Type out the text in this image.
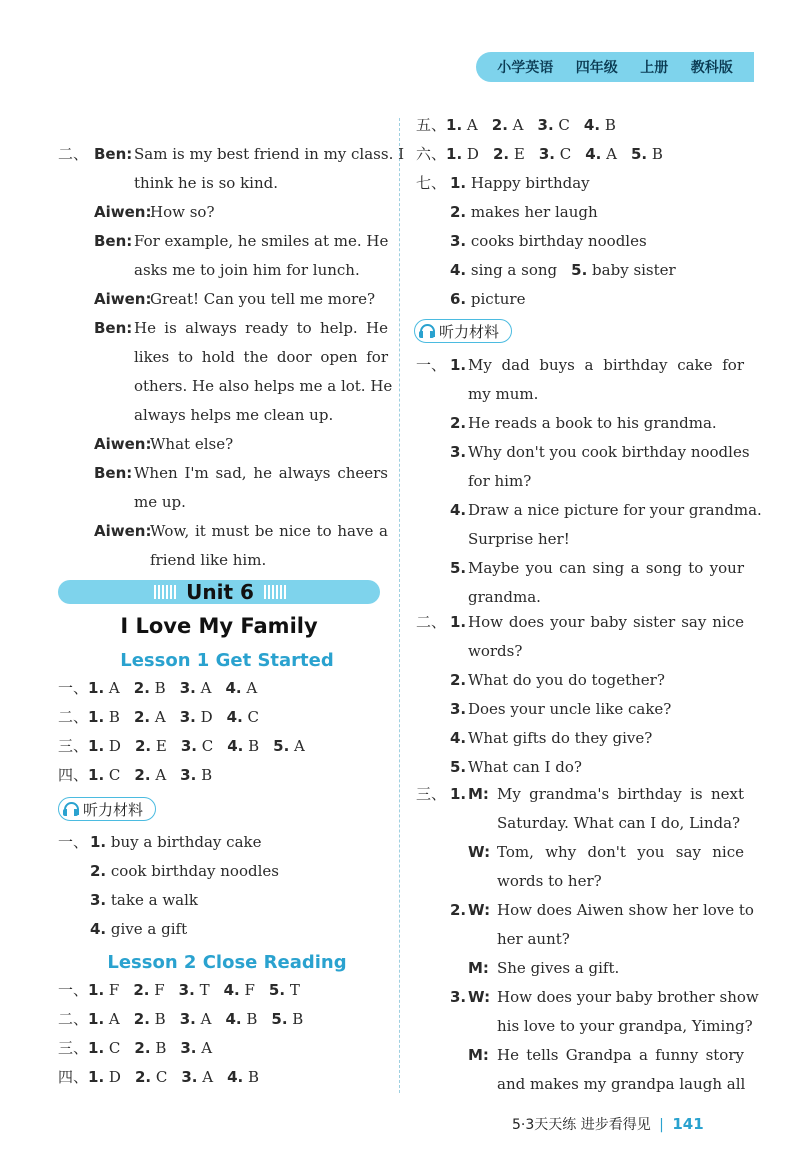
小学英语 四年级 上册 教科版
二、 Ben: Sam is my best friend in my class. I
think he is so kind.
Aiwen:
How so?
Ben: For example, he smiles at me. He
asks me to join him for lunch.
Aiwen:
Great! Can you tell me more?
Ben: He is always ready to help. He
likes to hold the door open for
others. He also helps me a lot. He
always helps me clean up.
Aiwen:
What else?
Ben: When I'm sad, he always cheers
me up.
Aiwen:
Wow, it must be nice to have a
friend like him.
一、1. A 2. B 3. A 4. A
二、1. B 2. A 3. D 4. C
三、1. D 2. E 3. C 4. B 5. A
四、1. C 2. A 3. B
一、 1. buy a birthday cake
2. cook birthday noodles
3. take a walk
4. give a gift
一、1. F 2. F 3. T 4. F 5. T
二、1. A 2. B 3. A 4. B 5. B
三、1. C 2. B 3. A
四、1. D 2. C 3. A 4. B
五、1. A 2. A 3. C 4. B
六、1. D 2. E 3. C 4. A 5. B
七、 1. Happy birthday
2. makes her laugh
3. cooks birthday noodles
4. sing a song 5. baby sister
6. picture
一、 1. My dad buys a birthday cake for
my mum.
2. He reads a book to his grandma.
3. Why don't you cook birthday noodles
for him?
4. Draw a nice picture for your grandma.
Surprise her!
5. Maybe you can sing a song to your
grandma.
二、 1. How does your baby sister say nice
words?
2. What do you do together?
3. Does your uncle like cake?
4. What gifts do they give?
5. What can I do?
三、 1. M: My grandma's birthday is next
Saturday. What can I do, Linda?
W: Tom, why don't you say nice
words to her?
2. W: How does Aiwen show her love to
her aunt?
M: She gives a gift.
3. W: How does your baby brother show
his love to your grandpa, Yiming?
M: He tells Grandpa a funny story
and makes my grandpa laugh all
Unit 6
I Love My Family
Lesson 1 Get Started
Lesson 2 Close Reading
听力材料
听力材料
5·3天天练 进步看得见 | 141
